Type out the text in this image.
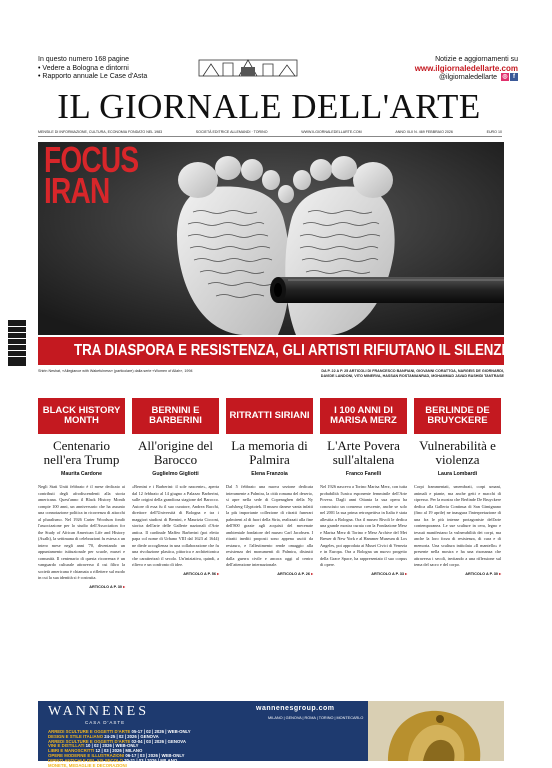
In questo numero 168 pagine
• Vedere a Bologna e dintorni
• Rapporto annuale Le Case d'Asta
Notizie e aggiornamenti su
www.ilgiornaledellarte.com
@ilgiornaledellarte ◎ f
IL GIORNALE DELL'ARTE
MENSILE DI INFORMAZIONE, CULTURA, ECONOMIA FONDATO NEL 1983	SOCIETÀ EDITRICE ALLEMANDI · TORINO	WWW.ILGIORNALEDELLARTE.COM	ANNO XLII N. 469 FEBBRAIO 2026	EURO 10
FOCUS
IRAN
TRA DIASPORA E RESISTENZA, GLI ARTISTI RIFIUTANO IL SILENZIO
Shirin Neshat, «Allegiance with Wakefulness» (particolare) dalla serie «Women of Allah», 1994	DA P. 22 A P. 25 ARTICOLI DI FRANCESCO BANFIANI, GIOVANNI CORATTOA, NARGEIS DE GIORNARDI,
DAVIDE LANDONI, VITO MINERVA, HASSAN ROSTAMIANRAD, MOHAMMAD JAVAD RASHIDI TANTRASE
BLACK HISTORY MONTH
Centenario nell'era Trump
Maurita Cardone
Negli Stati Uniti febbraio è il mese dedicato ai contributi degli afrodiscendenti alla storia americana. Quest'anno il Black History Month compie 100 anni, un anniversario che ha assunto una connotazione politica in ricorrenza di attacchi al pluralismo. Nel 1926 Carter Woodson fondò l'associazione per lo studio dell'Association for the Study of African American Life and History (Asalh), la settimana di celebrazioni fu estesa a un intero mese negli anni '70, diventando un appuntamento istituzionale per scuole, musei e comunità. Il centenario di questa ricorrenza è un vanguardo culturale attraverso il cui filtro la società americana è chiamata a riflettere sul modo in cui la sua identità si è costruita.
ARTICOLO A P. 30 ▸
BERNINI E BARBERINI
All'origine del Barocco
Guglielmo Gigliotti
«Bernini e i Barberini: il sole nascente», aperta dal 12 febbraio al 14 giugno a Palazzo Barberini, sulle origini della grandiosa stagione del Barocco. Autore di essa fu il suo curatore, Andrea Bacchi, direttore dell'Università di Bologna e tra i maggiori studiosi di Bernini, e Maurizia Cicconi, storica dell'arte delle Gallerie nazionali d'Arte antica. Il cardinale Maffeo Barberini (poi eletto papa col nome di Urbano VIII dal 1623 al 1644) ne diede accoglienza in una collaborazione che fu una rivoluzione plastica, pittorica e architettonica che caratterizzò il secolo. Un'iniziativa, quindi, a rilievo e un confronto di idee.
ARTICOLO A P. 56 ▸
RITRATTI SIRIANI
La memoria di Palmira
Elena Franzoia
Dal 5 febbraio una nuova sezione dedicata interamente a Palmira, la città romana del deserto, si apre nella sede di Copenaghen della Ny Carlsberg Glyptotek. Il museo danese vanta infatti la più importante collezione di ritratti funerari palmireni al di fuori della Siria, realizzati alla fine dell'800 grazie agli acquisti del mecenate ambientale fondatore del museo Carl Jacobsen. I ritratti inediti proposti sono appena usciti da restauro, e l'allestimento rende omaggio alla resistenza dei monumenti di Palmira, distrutti dalla guerra civile e ancora oggi al centro dell'attenzione internazionale.
ARTICOLO A P. 26 ▸
I 100 ANNI DI MARISA MERZ
L'Arte Povera sull'altalena
Franco Fanelli
Nel 1926 nasceva a Torino Marisa Merz, con tutta probabilità l'unica esponente femminile dell'Arte Povera. Dagli anni Ottanta la sua opera ha conosciuto un consenso crescente, anche se solo nel 2001 la sua prima retrospettiva in Italia è stata allestita a Bologna. Ora il museo Rivoli le dedica una grande mostra curata con la Fondazione Merz e Marisa Merz di Torino e Merz Archive del Met Breuer di New York e al Hammer Museum di Los Angeles, poi approdata ai Musei Civici di Venezia e in Europa. Ora a Bologna un nuovo progetto della Grace Space, ha rappresentato il suo corpus di opere.
ARTICOLO A P. 33 ▸
BERLINDE DE BRUYCKERE
Vulnerabilità e violenza
Laura Lombardi
Corpi frammentati, smembrati, corpi umani, animali e piante, ma anche getti e macchi di cipresso. Per la mostra che Berlinde De Bruyckere dedica alla Galleria Continua di San Gimignano (fino al 19 aprile) ne inaugura l'interpretazione di una fra le più intense protagoniste dell'arte contemporanea. Le sue sculture in cera, legno e tessuti manifestano la vulnerabilità dei corpi, ma anche la loro forza di resistenza, di cura e di memoria. Una scultura intitolata «Il mantello» è presente nella mostra e ha una risonanza che attraversa i secoli, invitando a una riflessione sul tema del sacro e del corpo.
ARTICOLO A P. 30 ▸
WANNENES
CASA D'ASTE
wannenesgroup.com
MILANO | GENOVA | ROMA | TORINO | MONTECARLO
ARREDI SCULTURE E OGGETTI D'ARTE 05-17 | 02 | 2026 | WEB-ONLY
DESIGN E STILE ITALIANO 24-25 | 02 | 2026 | GENOVA
ARREDI SCULTURE E OGGETTI D'ARTE 02-04 | 03 | 2026 | GENOVA
VINI E DISTILLATI 10 | 02 | 2026 | WEB-ONLY
LIBRI E MANOSCRITTI 12 | 03 | 2026 | MILANO
OPERE MODERNE E ILLUSTRAZIONI 06-17 | 03 | 2026 | WEB-ONLY
DIPINTI ANTICHI E DEL XIX SECOLO 20-21 | 03 | 2026 | MILANO
MONETE, MEDAGLIE E DECORAZIONI 26 | 03 | 2026 | WEB-LIVE
